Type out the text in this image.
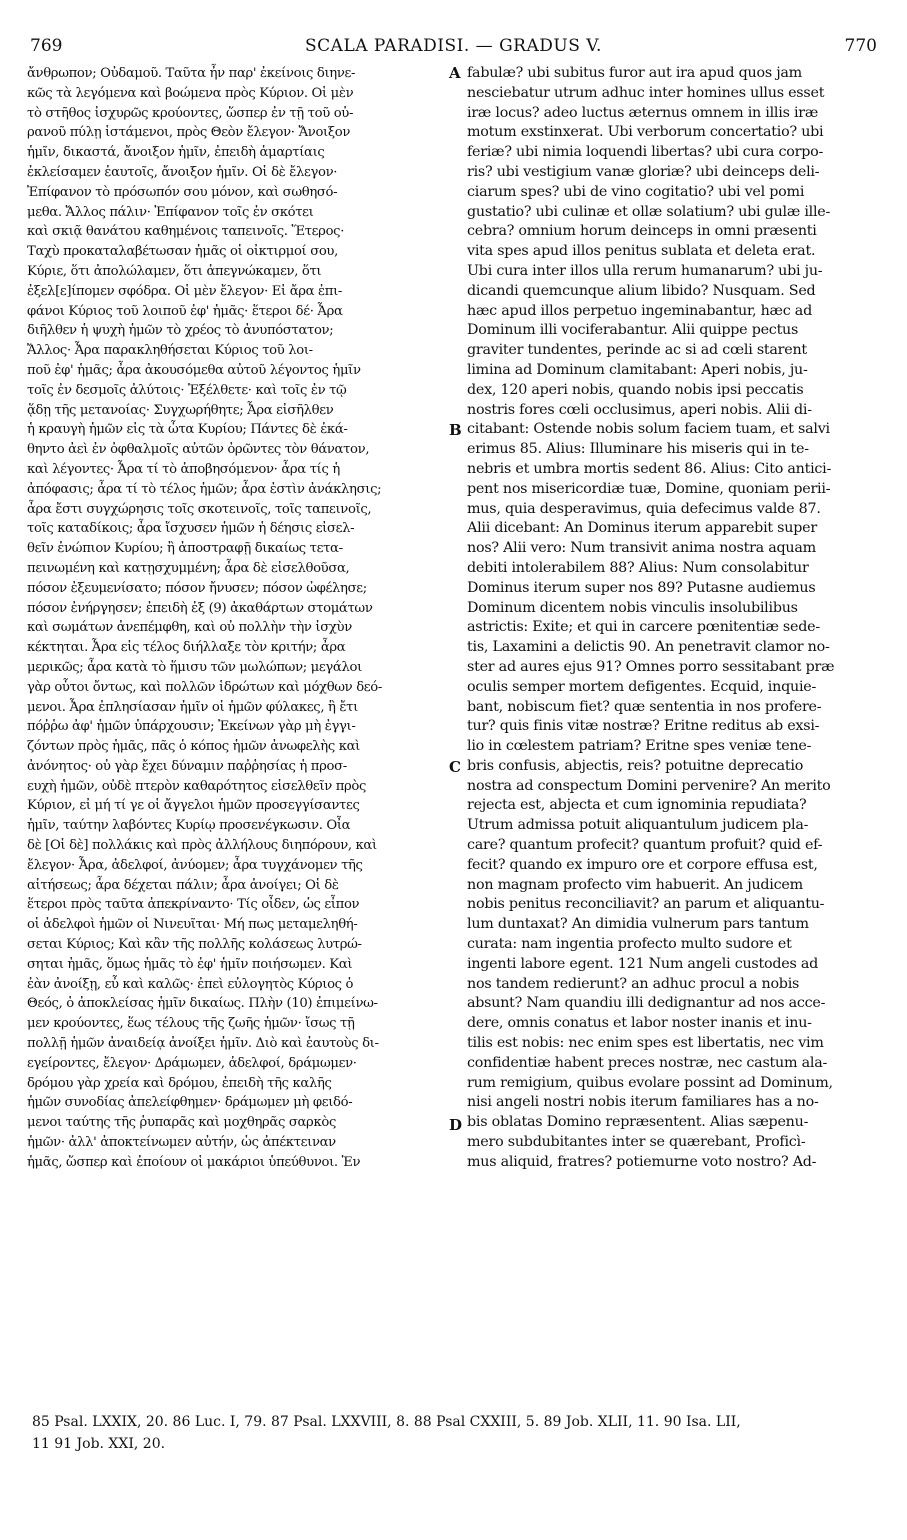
769	SCALA PARADISI. — GRADUS V.	770
ἄνθρωπον; Οὐδαμοῦ. Ταῦτα ἦν παρ' ἐκείνοις διηνε-
κῶς τὰ λεγόμενα καὶ βοώμενα πρὸς Κύριον. Οἱ μὲν
τὸ στῆθος ἰσχυρῶς κρούοντες, ὥσπερ ἐν τῇ τοῦ οὐ-
ρανοῦ πύλῃ ἱστάμενοι, πρὸς Θεὸν ἔλεγον· Ἄνοιξον
ἡμῖν, δικαστά, ἄνοιξον ἡμῖν, ἐπειδὴ ἁμαρτίαις
ἐκλείσαμεν ἑαυτοῖς, ἄνοιξον ἡμῖν. Οἱ δὲ ἔλεγον·
Ἐπίφανον τὸ πρόσωπόν σου μόνον, καὶ σωθησό-
μεθα. Ἄλλος πάλιν· Ἐπίφανον τοῖς ἐν σκότει
καὶ σκιᾷ θανάτου καθημένοις ταπεινοῖς. Ἕτερος·
Ταχὺ προκαταλαβέτωσαν ἡμᾶς οἱ οἰκτιρμοί σου,
Κύριε, ὅτι ἀπολώλαμεν, ὅτι ἀπεγνώκαμεν, ὅτι
ἐξελ[ε]ίπομεν σφόδρα. Οἱ μὲν ἔλεγον· Εἰ ἄρα ἐπι-
φάνοι Κύριος τοῦ λοιποῦ ἐφ' ἡμᾶς· ἕτεροι δέ· Ἆρα
διῆλθεν ἡ ψυχὴ ἡμῶν τὸ χρέος τὸ ἀνυπόστατον;
Ἄλλος· Ἆρα παρακληθήσεται Κύριος τοῦ λοι-
ποῦ ἐφ' ἡμᾶς; ἆρα ἀκουσόμεθα αὐτοῦ λέγοντος ἡμῖν
τοῖς ἐν δεσμοῖς ἀλύτοις· Ἐξέλθετε· καὶ τοῖς ἐν τῷ
ᾅδῃ τῆς μετανοίας· Συγχωρήθητε; Ἆρα εἰσῆλθεν
ἡ κραυγὴ ἡμῶν εἰς τὰ ὦτα Κυρίου; Πάντες δὲ ἐκά-
θηντο ἀεὶ ἐν ὀφθαλμοῖς αὐτῶν ὁρῶντες τὸν θάνατον,
καὶ λέγοντες· Ἆρα τί τὸ ἀποβησόμενον· ἆρα τίς ἡ
ἀπόφασις; ἆρα τί τὸ τέλος ἡμῶν; ἆρα ἐστὶν ἀνάκλησις;
ἆρα ἔστι συγχώρησις τοῖς σκοτεινοῖς, τοῖς ταπεινοῖς,
τοῖς καταδίκοις; ἆρα ἴσχυσεν ἡμῶν ἡ δέησις εἰσελ-
θεῖν ἐνώπιον Κυρίου; ἢ ἀποστραφῇ δικαίως τετα-
πεινωμένη καὶ κατῃσχυμμένη; ἆρα δὲ εἰσελθοῦσα,
πόσον ἐξευμενίσατο; πόσον ἤνυσεν; πόσον ὠφέλησε;
πόσον ἐνήργησεν; ἐπειδὴ ἐξ (9) ἀκαθάρτων στομάτων
καὶ σωμάτων ἀνεπέμφθη, καὶ οὐ πολλὴν τὴν ἰσχὺν
κέκτηται. Ἆρα εἰς τέλος διήλλαξε τὸν κριτήν; ἆρα
μερικῶς; ἆρα κατὰ τὸ ἥμισυ τῶν μωλώπων; μεγάλοι
γὰρ οὗτοι ὄντως, καὶ πολλῶν ἱδρώτων καὶ μόχθων δεό-
μενοι. Ἆρα ἐπλησίασαν ἡμῖν οἱ ἡμῶν φύλακες, ἢ ἔτι
πόῤῥω ἀφ' ἡμῶν ὑπάρχουσιν; Ἐκείνων γὰρ μὴ ἐγγι-
ζόντων πρὸς ἡμᾶς, πᾶς ὁ κόπος ἡμῶν ἀνωφελὴς καὶ
ἀνόνητος· οὐ γὰρ ἔχει δύναμιν παῤῥησίας ἡ προσ-
ευχὴ ἡμῶν, οὐδὲ πτερὸν καθαρότητος εἰσελθεῖν πρὸς
Κύριον, εἰ μή τί γε οἱ ἄγγελοι ἡμῶν προσεγγίσαντες
ἡμῖν, ταύτην λαβόντες Κυρίῳ προσενέγκωσιν. Οἶα
δὲ [Οἱ δὲ] πολλάκις καὶ πρὸς ἀλλήλους διηπόρουν, καὶ
ἔλεγον· Ἆρα, ἀδελφοί, ἀνύομεν; ἆρα τυγχάνομεν τῆς
αἰτήσεως; ἆρα δέχεται πάλιν; ἆρα ἀνοίγει; Οἱ δὲ
ἕτεροι πρὸς ταῦτα ἀπεκρίναντο· Τίς οἶδεν, ὡς εἶπον
οἱ ἀδελφοὶ ἡμῶν οἱ Νινευῖται· Μή πως μεταμεληθή-
σεται Κύριος; Καὶ κἂν τῆς πολλῆς κολάσεως λυτρώ-
σηται ἡμᾶς, ὅμως ἡμᾶς τὸ ἐφ' ἡμῖν ποιήσωμεν. Καὶ
ἐὰν ἀνοίξῃ, εὖ καὶ καλῶς· ἐπεὶ εὐλογητὸς Κύριος ὁ
Θεός, ὁ ἀποκλείσας ἡμῖν δικαίως. Πλὴν (10) ἐπιμείνω-
μεν κρούοντες, ἕως τέλους τῆς ζωῆς ἡμῶν· ἴσως τῇ
πολλῇ ἡμῶν ἀναιδείᾳ ἀνοίξει ἡμῖν. Διὸ καὶ ἑαυτοὺς δι-
εγείροντες, ἔλεγον· Δράμωμεν, ἀδελφοί, δράμωμεν·
δρόμου γὰρ χρεία καὶ δρόμου, ἐπειδὴ τῆς καλῆς
ἡμῶν συνοδίας ἀπελείφθημεν· δράμωμεν μὴ φειδό-
μενοι ταύτης τῆς ῥυπαρᾶς καὶ μοχθηρᾶς σαρκὸς
ἡμῶν· ἀλλ' ἀποκτείνωμεν αὐτήν, ὡς ἀπέκτειναν
ἡμᾶς, ὥσπερ καὶ ἐποίουν οἱ μακάριοι ὑπεύθυνοι. Ἐν
fabulæ? ubi subitus furor aut ira apud quos jam
nesciebatur utrum adhuc inter homines ullus esset
iræ locus? adeo luctus æternus omnem in illis iræ
motum exstinxerat. Ubi verborum concertatio? ubi
feriæ? ubi nimia loquendi libertas? ubi cura corpo-
ris? ubi vestigium vanæ gloriæ? ubi deinceps deli-
ciarum spes? ubi de vino cogitatio? ubi vel pomi
gustatio? ubi culinæ et ollæ solatium? ubi gulæ ille-
cebra? omnium horum deinceps in omni præsenti
vita spes apud illos penitus sublata et deleta erat.
Ubi cura inter illos ulla rerum humanarum? ubi ju-
dicandi quemcunque alium libido? Nusquam. Sed
hæc apud illos perpetuo ingeminabantur, hæc ad
Dominum illi vociferabantur. Alii quippe pectus
graviter tundentes, perinde ac si ad cœli starent
limina ad Dominum clamitabant: Aperi nobis, ju-
dex, 120 aperi nobis, quando nobis ipsi peccatis
nostris fores cœli occlusimus, aperi nobis. Alii di-
citabant: Ostende nobis solum faciem tuam, et salvi
erimus 85. Alius: Illuminare his miseris qui in te-
nebris et umbra mortis sedent 86. Alius: Cito antici-
pent nos misericordiæ tuæ, Domine, quoniam perii-
mus, quia desperavimus, quia defecimus valde 87.
Alii dicebant: An Dominus iterum apparebit super
nos? Alii vero: Num transivit anima nostra aquam
debiti intolerabilem 88? Alius: Num consolabitur
Dominus iterum super nos 89? Putasne audiemus
Dominum dicentem nobis vinculis insolubilibus
astrictis: Exite; et qui in carcere pœnitentiæ sede-
tis, Laxamini a delictis 90. An penetravit clamor no-
ster ad aures ejus 91? Omnes porro sessitabant præ
oculis semper mortem defigentes. Ecquid, inquie-
bant, nobiscum fiet? quæ sententia in nos profere-
tur? quis finis vitæ nostræ? Eritne reditus ab exsi-
lio in cœlestem patriam? Eritne spes veniæ tene-
bris confusis, abjectis, reis? potuitne deprecatio
nostra ad conspectum Domini pervenire? An merito
rejecta est, abjecta et cum ignominia repudiata?
Utrum admissa potuit aliquantulum judicem pla-
care? quantum profecit? quantum profuit? quid ef-
fecit? quando ex impuro ore et corpore effusa est,
non magnam profecto vim habuerit. An judicem
nobis penitus reconciliavit? an parum et aliquantu-
lum duntaxat? An dimidia vulnerum pars tantum
curata: nam ingentia profecto multo sudore et
ingenti labore egent. 121 Num angeli custodes ad
nos tandem redierunt? an adhuc procul a nobis
absunt? Nam quandiu illi dedignantur ad nos acce-
dere, omnis conatus et labor noster inanis et inu-
tilis est nobis: nec enim spes est libertatis, nec vim
confidentiæ habent preces nostræ, nec castum ala-
rum remigium, quibus evolare possint ad Dominum,
nisi angeli nostri nobis iterum familiares has a no-
bis oblatas Domino repræsentent. Alias sæpenu-
mero subdubitantes inter se quærebant, Proficì-
mus aliquid, fratres? potiemurne voto nostro? Ad-
A
B
C
D
85 Psal. LXXIX, 20. 86 Luc. I, 79. 87 Psal. LXXVIII, 8. 88 Psal CXXIII, 5. 89 Job. XLII, 11. 90 Isa. LII,
11 91 Job. XXI, 20.
